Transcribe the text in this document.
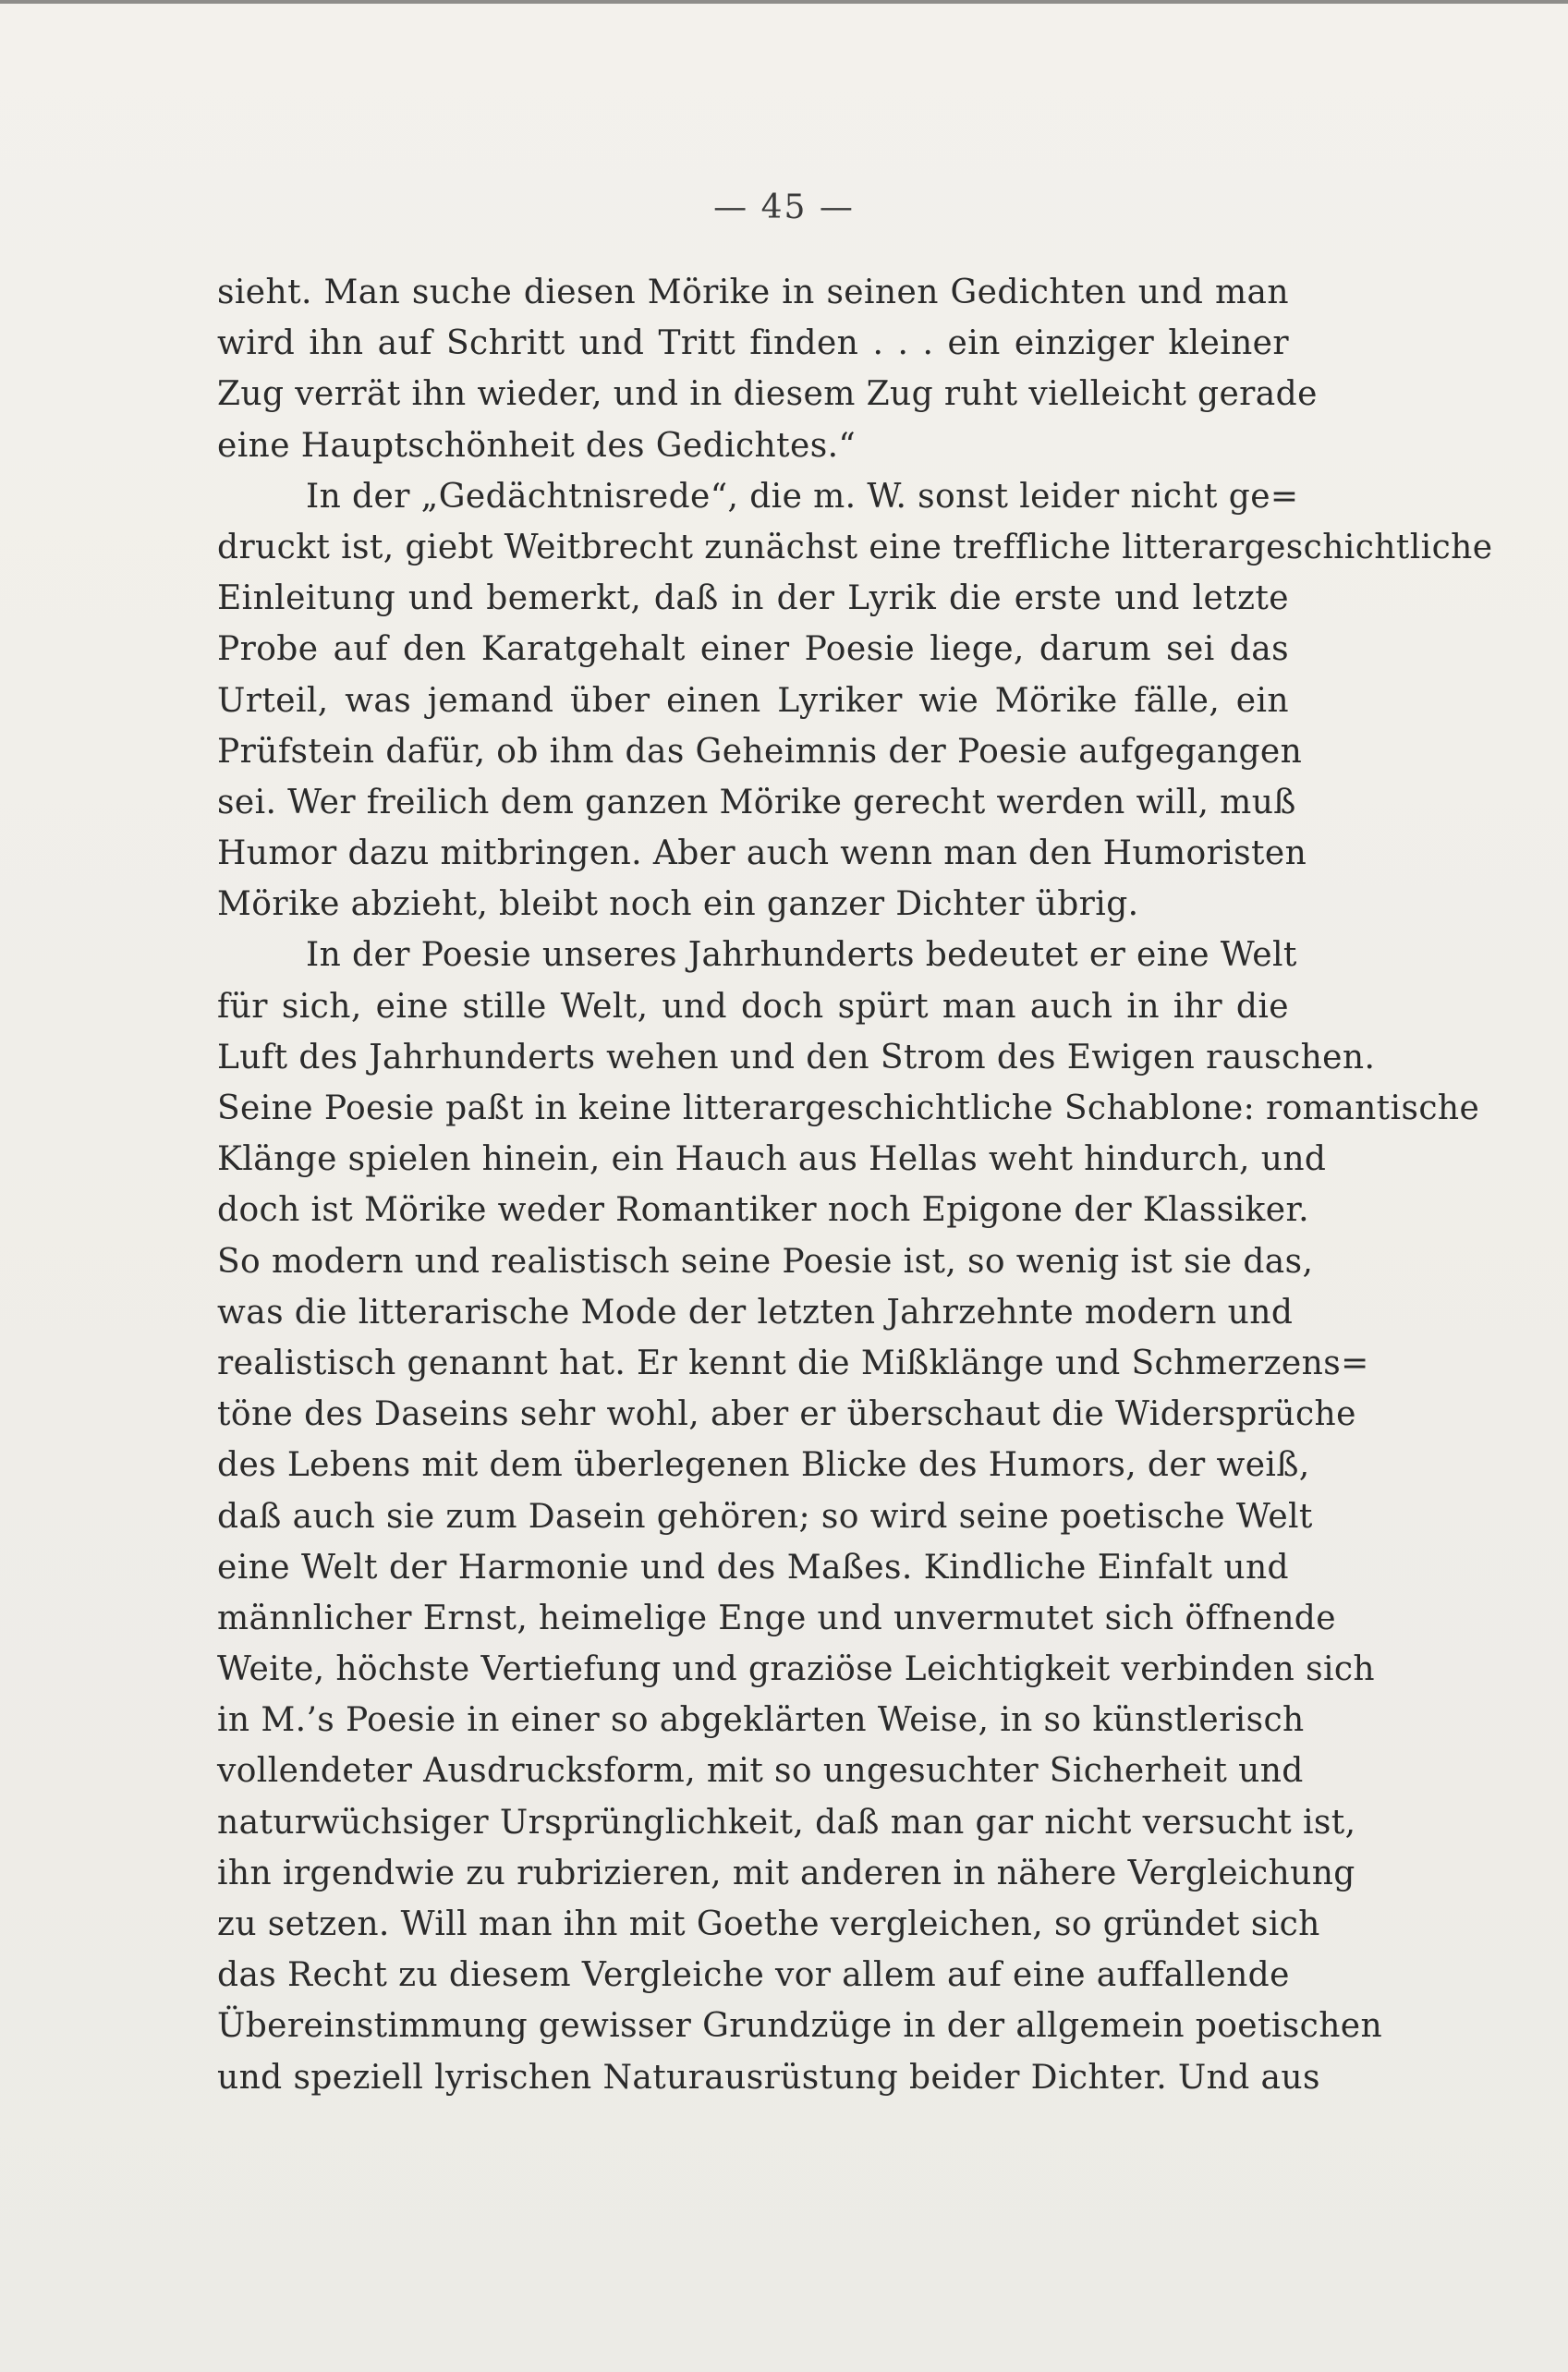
— 45 —
sieht. Man suche diesen Mörike in seinen Gedichten und man
wird ihn auf Schritt und Tritt finden . . . ein einziger kleiner
Zug verrät ihn wieder, und in diesem Zug ruht vielleicht gerade
eine Hauptschönheit des Gedichtes.“
In der „Gedächtnisrede“, die m. W. sonst leider nicht ge=
druckt ist, giebt Weitbrecht zunächst eine treffliche litterargeschichtliche
Einleitung und bemerkt, daß in der Lyrik die erste und letzte
Probe auf den Karatgehalt einer Poesie liege, darum sei das
Urteil, was jemand über einen Lyriker wie Mörike fälle, ein
Prüfstein dafür, ob ihm das Geheimnis der Poesie aufgegangen
sei. Wer freilich dem ganzen Mörike gerecht werden will, muß
Humor dazu mitbringen. Aber auch wenn man den Humoristen
Mörike abzieht, bleibt noch ein ganzer Dichter übrig.
In der Poesie unseres Jahrhunderts bedeutet er eine Welt
für sich, eine stille Welt, und doch spürt man auch in ihr die
Luft des Jahrhunderts wehen und den Strom des Ewigen rauschen.
Seine Poesie paßt in keine litterargeschichtliche Schablone: romantische
Klänge spielen hinein, ein Hauch aus Hellas weht hindurch, und
doch ist Mörike weder Romantiker noch Epigone der Klassiker.
So modern und realistisch seine Poesie ist, so wenig ist sie das,
was die litterarische Mode der letzten Jahrzehnte modern und
realistisch genannt hat. Er kennt die Mißklänge und Schmerzens=
töne des Daseins sehr wohl, aber er überschaut die Widersprüche
des Lebens mit dem überlegenen Blicke des Humors, der weiß,
daß auch sie zum Dasein gehören; so wird seine poetische Welt
eine Welt der Harmonie und des Maßes. Kindliche Einfalt und
männlicher Ernst, heimelige Enge und unvermutet sich öffnende
Weite, höchste Vertiefung und graziöse Leichtigkeit verbinden sich
in M.’s Poesie in einer so abgeklärten Weise, in so künstlerisch
vollendeter Ausdrucksform, mit so ungesuchter Sicherheit und
naturwüchsiger Ursprünglichkeit, daß man gar nicht versucht ist,
ihn irgendwie zu rubrizieren, mit anderen in nähere Vergleichung
zu setzen. Will man ihn mit Goethe vergleichen, so gründet sich
das Recht zu diesem Vergleiche vor allem auf eine auffallende
Übereinstimmung gewisser Grundzüge in der allgemein poetischen
und speziell lyrischen Naturausrüstung beider Dichter. Und aus
